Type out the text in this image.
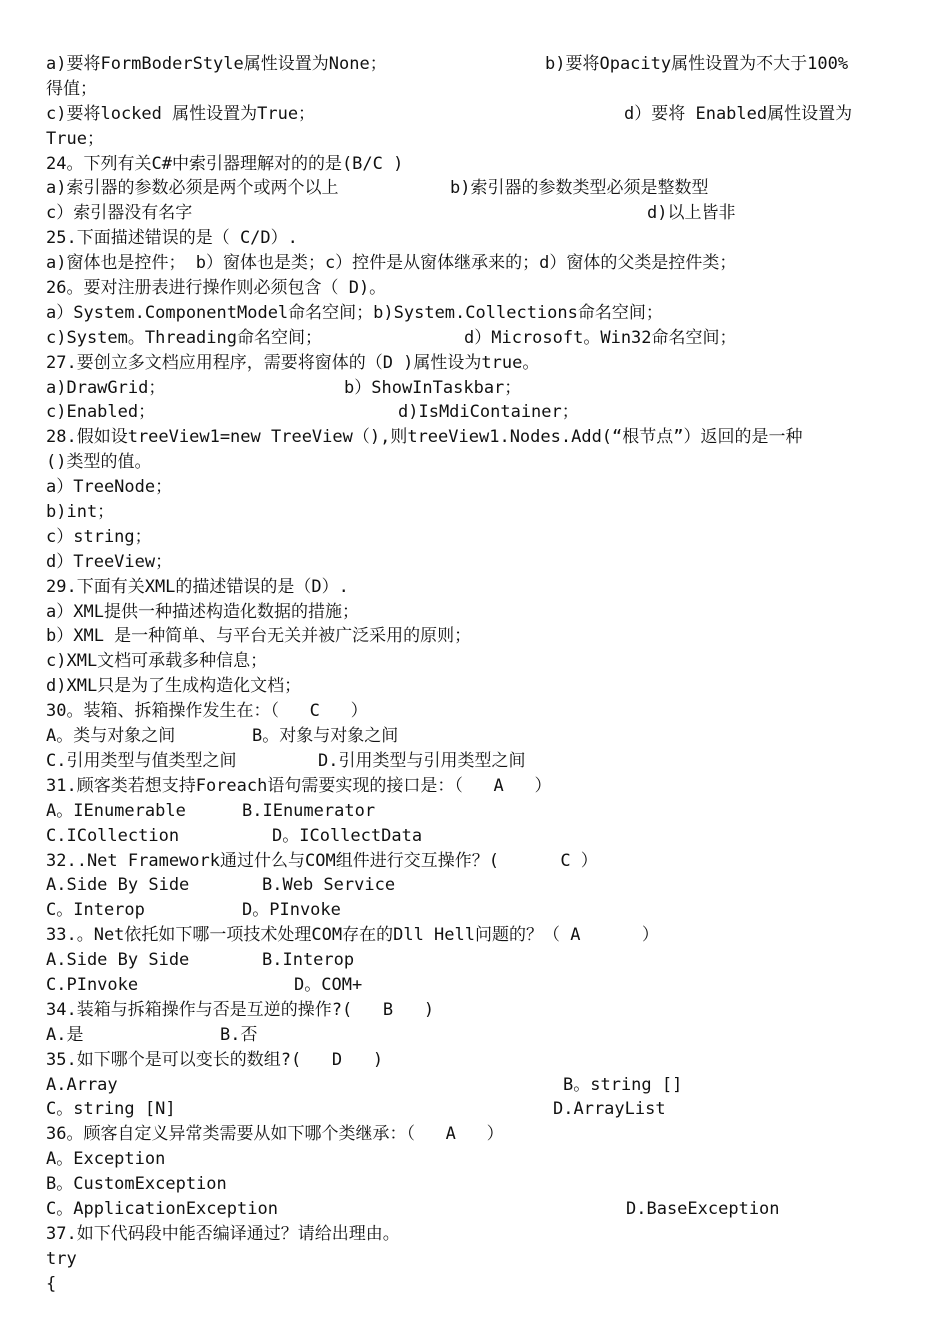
a)要将FormBoderStyle属性设置为None；	b)要将Opacity属性设置为不大于100%
得值；
c)要将locked 属性设置为True；	d）要将 Enabled属性设置为
True；
24。下列有关C#中索引器理解对的的是(B/C )
a)索引器的参数必须是两个或两个以上	b)索引器的参数类型必须是整数型
c）索引器没有名字	d)以上皆非
25.下面描述错误的是（ C/D）.
a)窗体也是控件； b）窗体也是类；c）控件是从窗体继承来的；d）窗体的父类是控件类；
26。要对注册表进行操作则必须包含（ D)。
a）System.ComponentModel命名空间；b)System.Collections命名空间；
c)System。Threading命名空间；	d）Microsoft。Win32命名空间；
27.要创立多文档应用程序，需要将窗体的（D )属性设为true。
a)DrawGrid；	b）ShowInTaskbar；
c)Enabled；	d)IsMdiContainer；
28.假如设treeView1=new TreeView（),则treeView1.Nodes.Add(“根节点”）返回的是一种
()类型的值。
a）TreeNode；
b)int；
c）string；
d）TreeView；
29.下面有关XML的描述错误的是（D）.
a）XML提供一种描述构造化数据的措施；
b）XML 是一种简单、与平台无关并被广泛采用的原则；
c)XML文档可承载多种信息；
d)XML只是为了生成构造化文档；
30。装箱、拆箱操作发生在：（   C   ）
A。类与对象之间	B。对象与对象之间
C.引用类型与值类型之间	D.引用类型与引用类型之间
31.顾客类若想支持Foreach语句需要实现的接口是：（   A   ）
A。IEnumerable	B.IEnumerator
C.ICollection	D。ICollectData
32..Net Framework通过什么与COM组件进行交互操作？(      C ）
A.Side By Side	B.Web Service
C。Interop	D。PInvoke
33.。Net依托如下哪一项技术处理COM存在的Dll Hell问题的？（ A      ）
A.Side By Side	B.Interop
C.PInvoke	D。COM+
34.装箱与拆箱操作与否是互逆的操作?(   B   )
A.是	B.否
35.如下哪个是可以变长的数组?(   D   )
A.Array	B。string []
C。string [N]	D.ArrayList
36。顾客自定义异常类需要从如下哪个类继承：（   A   ）
A。Exception
B。CustomException
C。ApplicationException	D.BaseException
37.如下代码段中能否编译通过？请给出理由。
try
{
